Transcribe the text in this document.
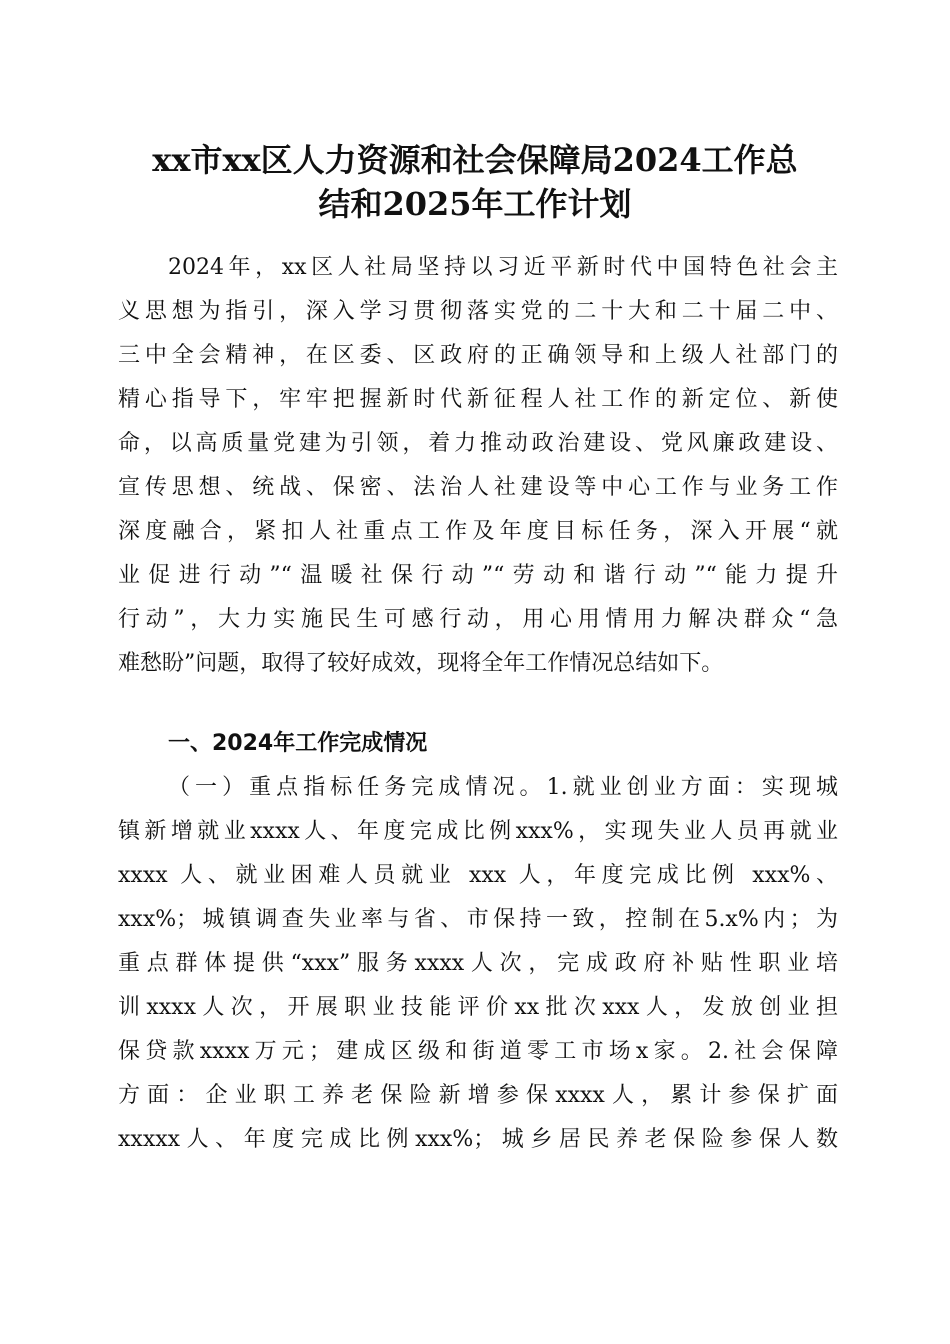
xx市xx区人力资源和社会保障局2024工作总
结和2025年工作计划
2024年，xx区人社局坚持以习近平新时代中国特色社会主
义思想为指引，深入学习贯彻落实党的二十大和二十届二中、
三中全会精神，在区委、区政府的正确领导和上级人社部门的
精心指导下，牢牢把握新时代新征程人社工作的新定位、新使
命，以高质量党建为引领，着力推动政治建设、党风廉政建设、
宣传思想、统战、保密、法治人社建设等中心工作与业务工作
深度融合，紧扣人社重点工作及年度目标任务，深入开展“就
业促进行动”“温暖社保行动”“劳动和谐行动”“能力提升
行动”，大力实施民生可感行动，用心用情用力解决群众“急
难愁盼”问题，取得了较好成效，现将全年工作情况总结如下。
一、2024年工作完成情况
（一）重点指标任务完成情况。1.就业创业方面：实现城
镇新增就业xxxx人、年度完成比例xxx%，实现失业人员再就业
xxxx 人、就业困难人员就业 xxx 人，年度完成比例 xxx%、
xxx%；城镇调查失业率与省、市保持一致，控制在5.x%内；为
重点群体提供“xxx”服务xxxx人次，完成政府补贴性职业培
训xxxx人次，开展职业技能评价xx批次xxx人，发放创业担
保贷款xxxx万元；建成区级和街道零工市场x家。2.社会保障
方面：企业职工养老保险新增参保xxxx人，累计参保扩面
xxxxx人、年度完成比例xxx%；城乡居民养老保险参保人数
